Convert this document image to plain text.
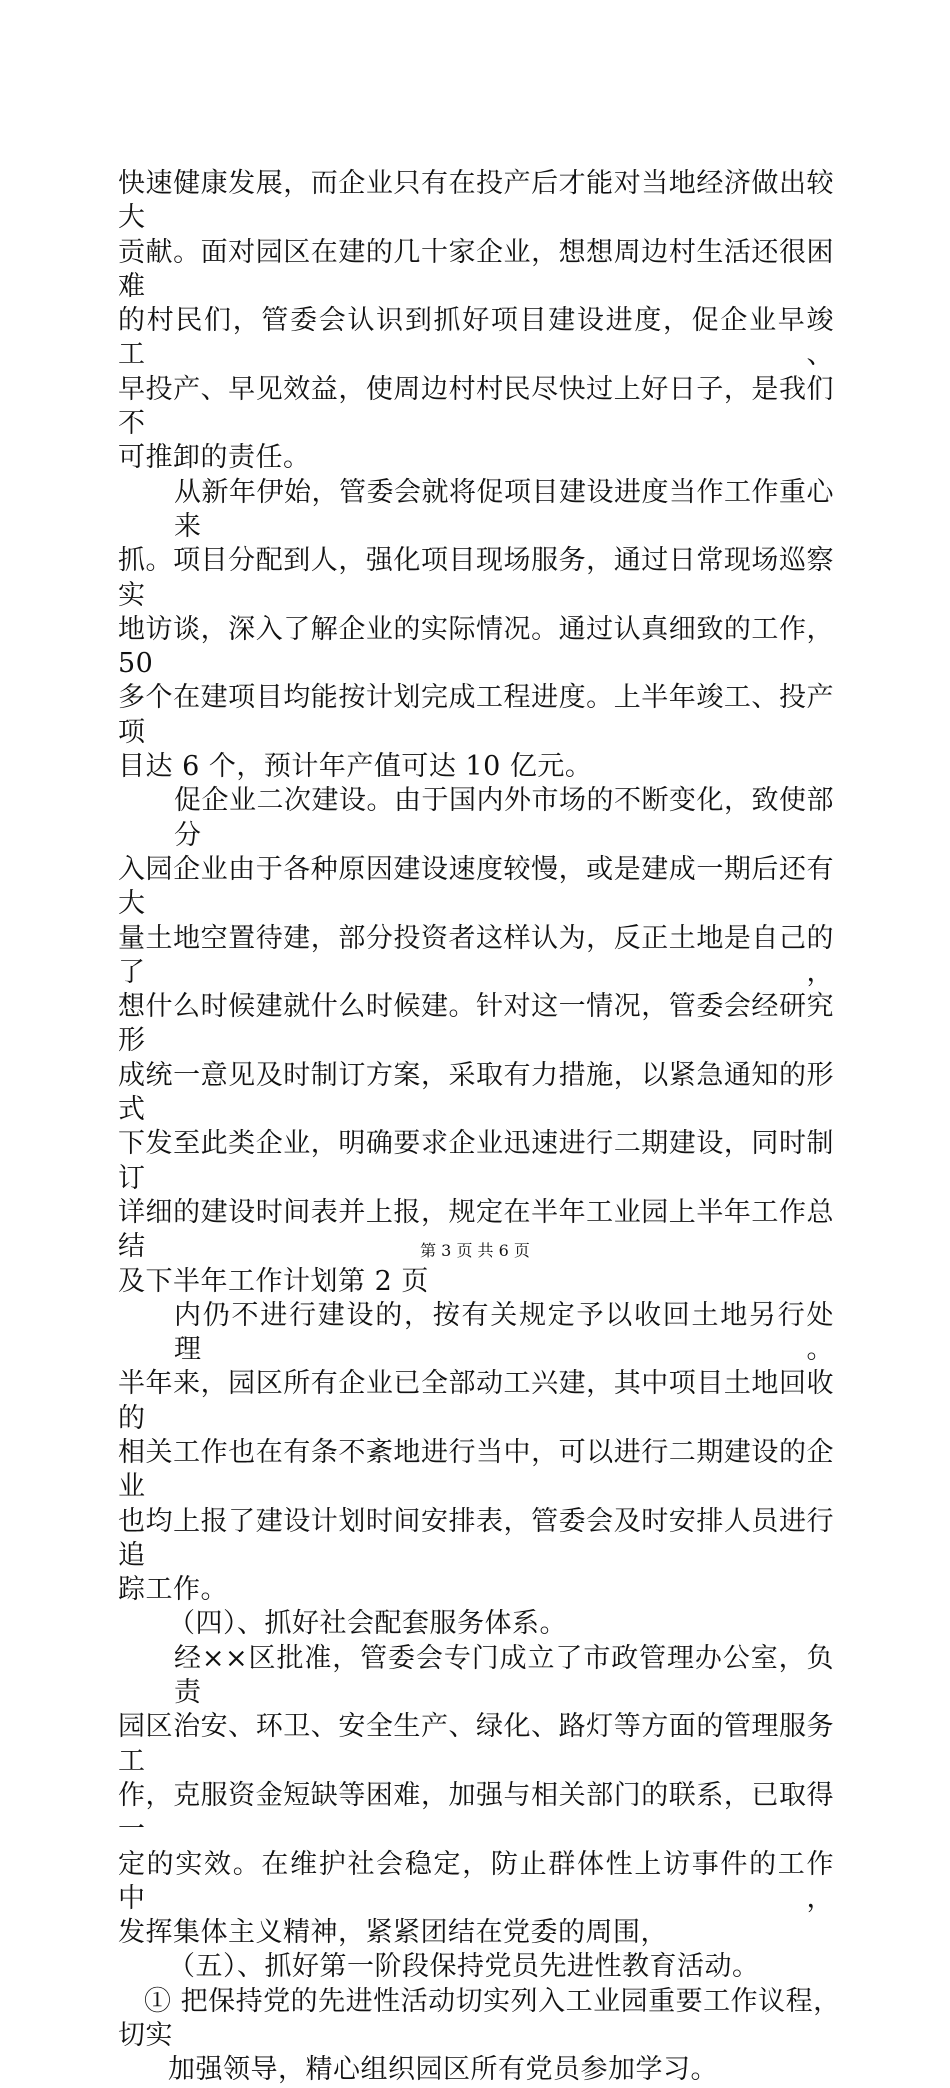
快速健康发展，而企业只有在投产后才能对当地经济做出较大
贡献。面对园区在建的几十家企业，想想周边村生活还很困难
的村民们，管委会认识到抓好项目建设进度，促企业早竣工、
早投产、早见效益，使周边村村民尽快过上好日子，是我们不
可推卸的责任。
从新年伊始，管委会就将促项目建设进度当作工作重心来
抓。项目分配到人，强化项目现场服务，通过日常现场巡察实
地访谈，深入了解企业的实际情况。通过认真细致的工作，50
多个在建项目均能按计划完成工程进度。上半年竣工、投产项
目达 6 个，预计年产值可达 10 亿元。
促企业二次建设。由于国内外市场的不断变化，致使部分
入园企业由于各种原因建设速度较慢，或是建成一期后还有大
量土地空置待建，部分投资者这样认为，反正土地是自己的了，
想什么时候建就什么时候建。针对这一情况，管委会经研究形
成统一意见及时制订方案，采取有力措施，以紧急通知的形式
下发至此类企业，明确要求企业迅速进行二期建设，同时制订
详细的建设时间表并上报，规定在半年工业园上半年工作总结
及下半年工作计划第 2 页
内仍不进行建设的，按有关规定予以收回土地另行处理。
半年来，园区所有企业已全部动工兴建，其中项目土地回收的
相关工作也在有条不紊地进行当中，可以进行二期建设的企业
也均上报了建设计划时间安排表，管委会及时安排人员进行追
踪工作。
（四）、抓好社会配套服务体系。
经××区批准，管委会专门成立了市政管理办公室，负责
园区治安、环卫、安全生产、绿化、路灯等方面的管理服务工
作，克服资金短缺等困难，加强与相关部门的联系，已取得一
定的实效。在维护社会稳定，防止群体性上访事件的工作中，
发挥集体主义精神，紧紧团结在党委的周围，
（五）、抓好第一阶段保持党员先进性教育活动。
① 把保持党的先进性活动切实列入工业园重要工作议程，
切实
加强领导，精心组织园区所有党员参加学习。
第 3 页 共 6 页
